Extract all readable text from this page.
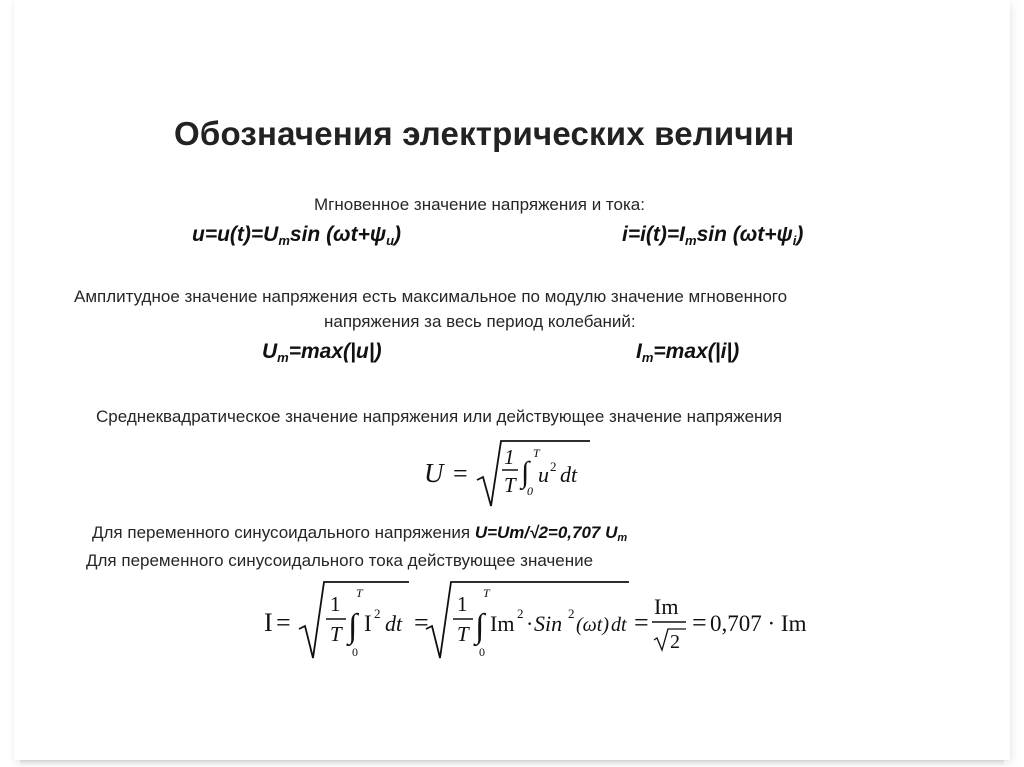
Обозначения электрических величин
Мгновенное значение напряжения и тока:
$u=u(t)=U_m\sin$ $(\omega t+\psi_u)$	$i=i(t)=I_m\sin$ $(\omega t+\psi_i)$
Амплитудное значение напряжения есть максимальное по модулю значение мгновенного
напряжения за весь период колебаний:
$U_m=\max(|u|)$	$I_m=\max(|i|)$
Среднеквадратическое значение напряжения или действующее значение напряжения
U =
1
T ∫
T
0
u 2 dt
Для переменного синусоидального напряжения U=Um/√2=0,707 $U_m$
Для переменного синусоидального тока действующее значение
I =
1
T ∫
T
0
I 2 dt =
1
T ∫
T
0
Im 2 · Sin 2
(ωt) dt =
Im
2
= 0,707 · Im
